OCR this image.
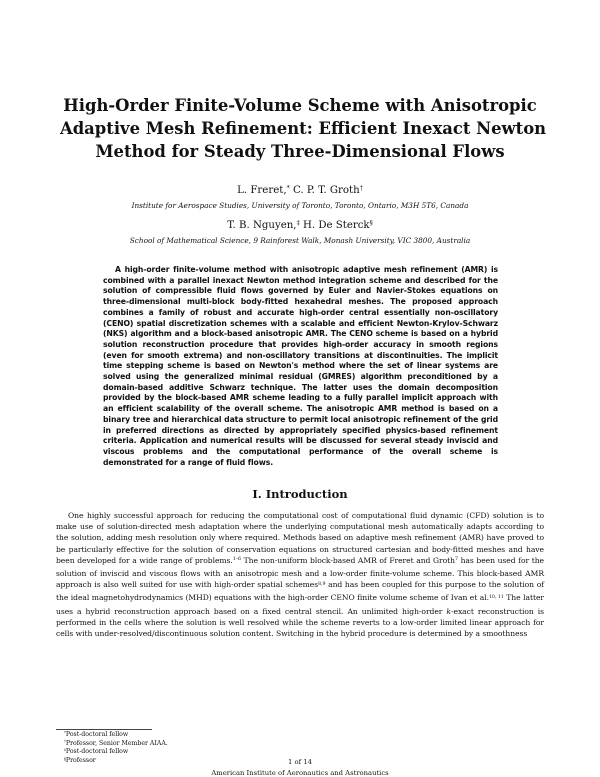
High-Order Finite-Volume Scheme with Anisotropic
Adaptive Mesh Refinement: Efficient Inexact Newton
Method for Steady Three-Dimensional Flows
L. Freret,* C. P. T. Groth†
Institute for Aerospace Studies, University of Toronto, Toronto, Ontario, M3H 5T6, Canada
T. B. Nguyen,‡ H. De Sterck§
School of Mathematical Science, 9 Rainforest Walk, Monash University, VIC 3800, Australia
A high-order finite-volume method with anisotropic adaptive mesh refinement (AMR) is combined with a parallel inexact Newton method integration scheme and described for the solution of compressible fluid flows governed by Euler and Navier-Stokes equations on three-dimensional multi-block body-fitted hexahedral meshes. The proposed approach combines a family of robust and accurate high-order central essentially non-oscillatory (CENO) spatial discretization schemes with a scalable and efficient Newton-Krylov-Schwarz (NKS) algorithm and a block-based anisotropic AMR. The CENO scheme is based on a hybrid solution reconstruction procedure that provides high-order accuracy in smooth regions (even for smooth extrema) and non-oscillatory transitions at discontinuities. The implicit time stepping scheme is based on Newton's method where the set of linear systems are solved using the generalized minimal residual (GMRES) algorithm preconditioned by a domain-based additive Schwarz technique. The latter uses the domain decomposition provided by the block-based AMR scheme leading to a fully parallel implicit approach with an efficient scalability of the overall scheme. The anisotropic AMR method is based on a binary tree and hierarchical data structure to permit local anisotropic refinement of the grid in preferred directions as directed by appropriately specified physics-based refinement criteria. Application and numerical results will be discussed for several steady inviscid and viscous problems and the computational performance of the overall scheme is demonstrated for a range of fluid flows.
I. Introduction
One highly successful approach for reducing the computational cost of computational fluid dynamic (CFD) solution is to make use of solution-directed mesh adaptation where the underlying computational mesh automatically adapts according to the solution, adding mesh resolution only where required. Methods based on adaptive mesh refinement (AMR) have proved to be particularly effective for the solution of conservation equations on structured cartesian and body-fitted meshes and have been developed for a wide range of problems.$^{1-6}$ The non-uniform block-based AMR of Freret and Groth$^7$ has been used for the solution of inviscid and viscous flows with an anisotropic mesh and a low-order finite-volume scheme. This block-based AMR approach is also well suited for use with high-order spatial schemes$^{8,9}$ and has been coupled for this purpose to the solution of the ideal magnetohydrodynamics (MHD) equations with the high-order CENO finite volume scheme of Ivan et al.$^{10, 11}$ The latter uses a hybrid reconstruction approach based on a fixed central stencil. An unlimited high-order k-exact reconstruction is performed in the cells where the solution is well resolved while the scheme reverts to a low-order limited linear approach for cells with under-resolved/discontinuous solution content. Switching in the hybrid procedure is determined by a smoothness
*Post-doctoral fellow
†Professor, Senior Member AIAA.
‡Post-doctoral fellow
§Professor	1 of 14
American Institute of Aeronautics and Astronautics
